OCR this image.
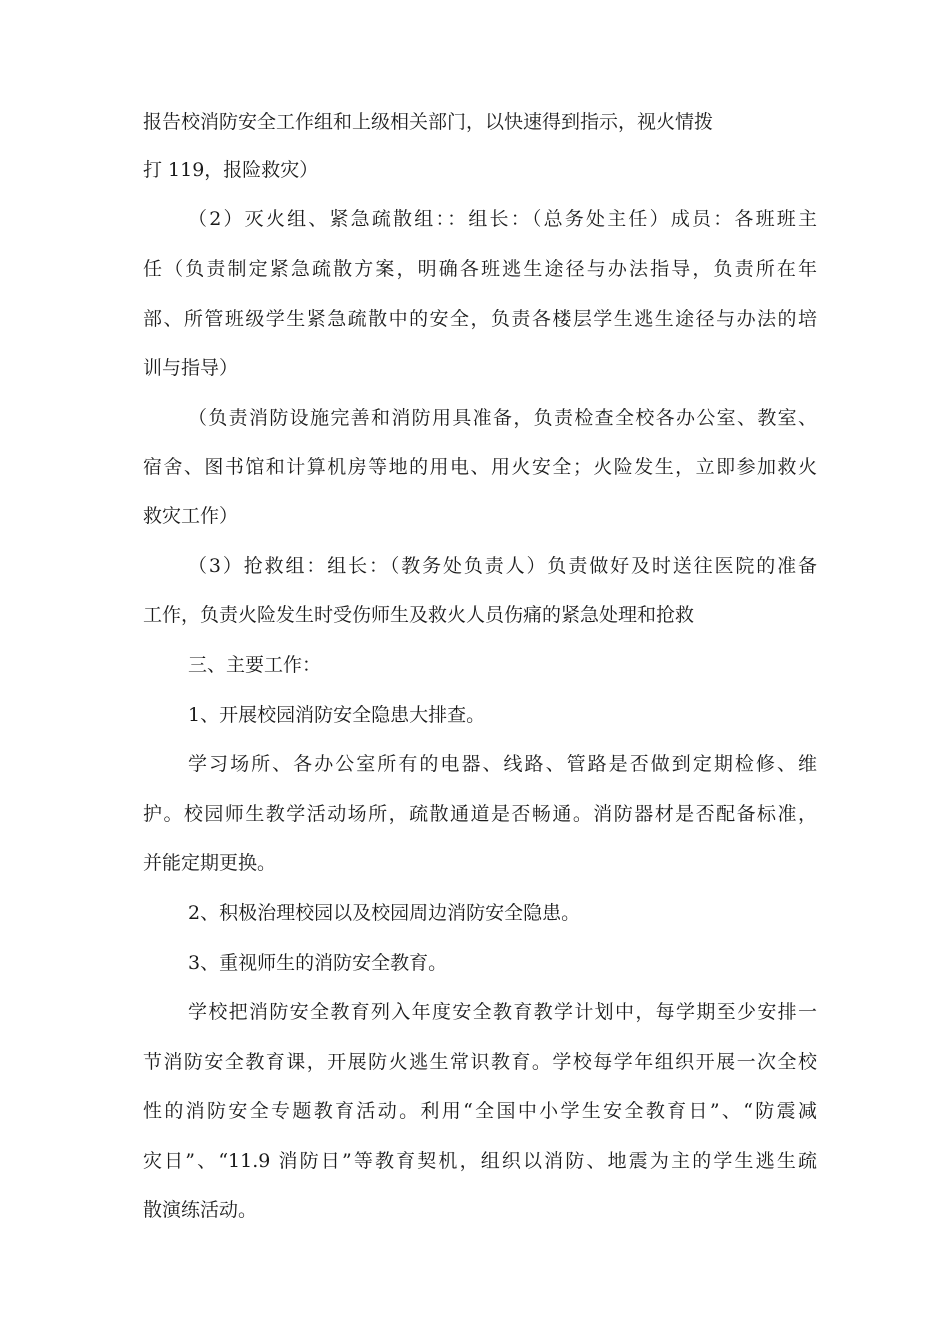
报告校消防安全工作组和上级相关部门，以快速得到指示，视火情拨
打 119，报险救灾）
（2）灭火组、紧急疏散组：：组长：（总务处主任）成员：各班班主
任（负责制定紧急疏散方案，明确各班逃生途径与办法指导，负责所在年
部、所管班级学生紧急疏散中的安全，负责各楼层学生逃生途径与办法的培
训与指导）
（负责消防设施完善和消防用具准备，负责检查全校各办公室、教室、
宿舍、图书馆和计算机房等地的用电、用火安全；火险发生，立即参加救火
救灾工作）
（3）抢救组：组长：（教务处负责人）负责做好及时送往医院的准备
工作，负责火险发生时受伤师生及救火人员伤痛的紧急处理和抢救
三、主要工作：
1、开展校园消防安全隐患大排查。
学习场所、各办公室所有的电器、线路、管路是否做到定期检修、维
护。校园师生教学活动场所，疏散通道是否畅通。消防器材是否配备标准，
并能定期更换。
2、积极治理校园以及校园周边消防安全隐患。
3、重视师生的消防安全教育。
学校把消防安全教育列入年度安全教育教学计划中，每学期至少安排一
节消防安全教育课，开展防火逃生常识教育。学校每学年组织开展一次全校
性的消防安全专题教育活动。利用“全国中小学生安全教育日”、“防震减
灾日”、“11.9 消防日”等教育契机，组织以消防、地震为主的学生逃生疏
散演练活动。
